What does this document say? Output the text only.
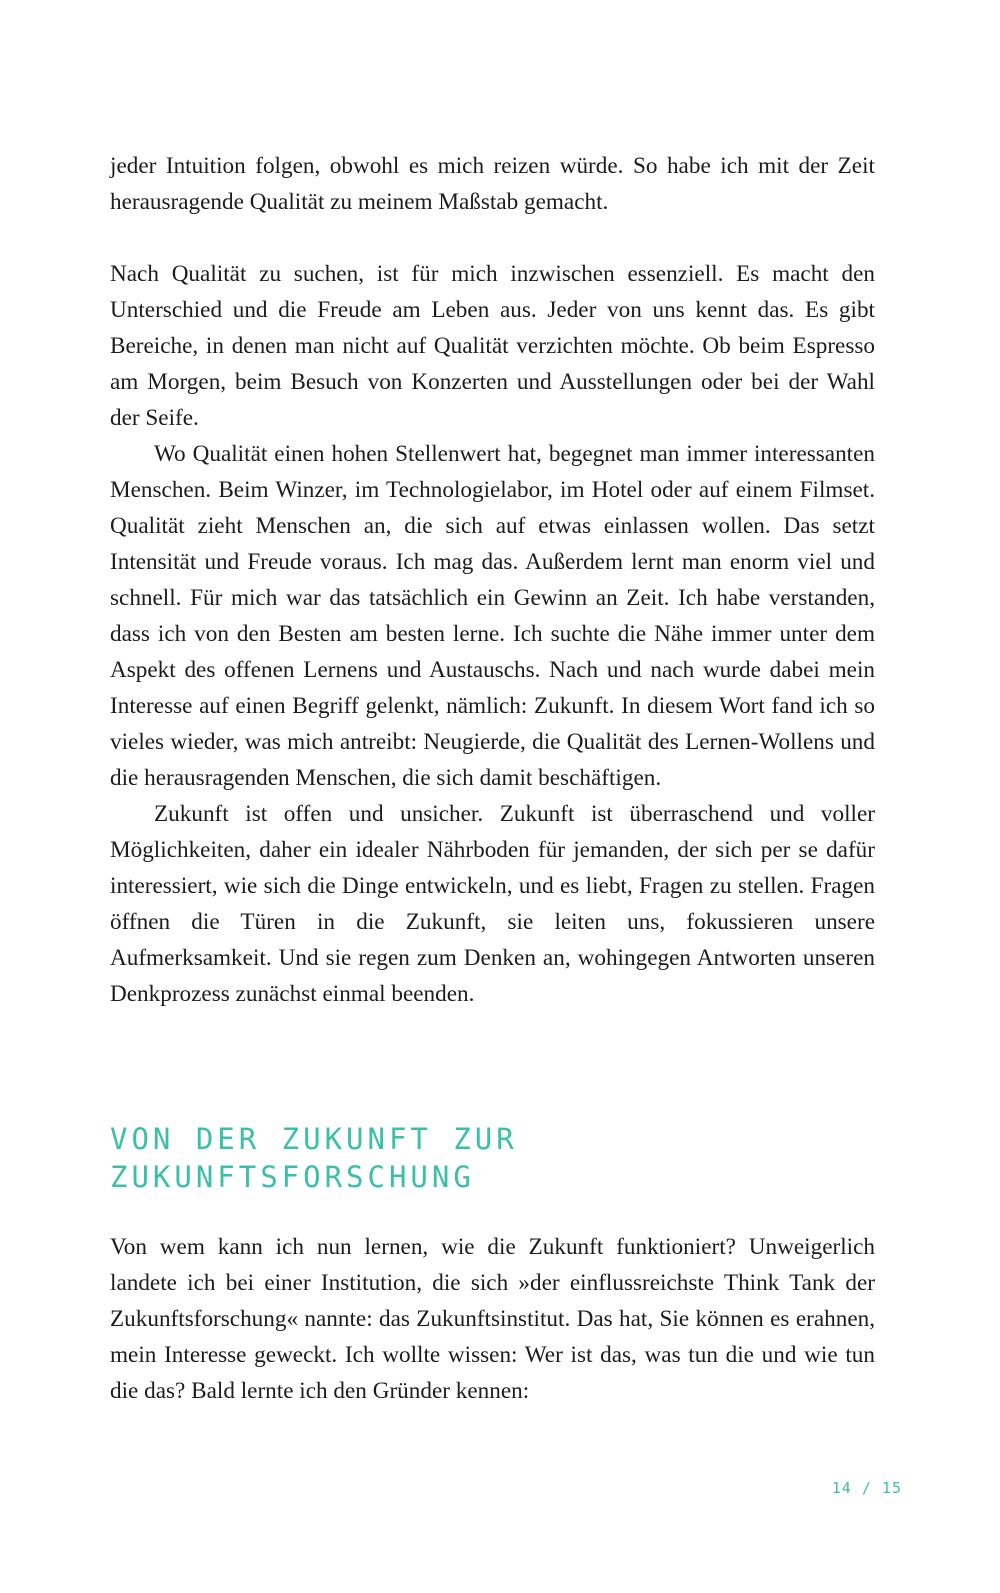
jeder Intuition folgen, obwohl es mich reizen würde. So habe ich mit der Zeit herausragende Qualität zu meinem Maßstab gemacht.

Nach Qualität zu suchen, ist für mich inzwischen essenziell. Es macht den Unterschied und die Freude am Leben aus. Jeder von uns kennt das. Es gibt Bereiche, in denen man nicht auf Qualität verzichten möchte. Ob beim Espresso am Morgen, beim Besuch von Konzerten und Ausstellungen oder bei der Wahl der Seife.

Wo Qualität einen hohen Stellenwert hat, begegnet man immer interessanten Menschen. Beim Winzer, im Technologielabor, im Hotel oder auf einem Filmset. Qualität zieht Menschen an, die sich auf etwas einlassen wollen. Das setzt Intensität und Freude voraus. Ich mag das. Außerdem lernt man enorm viel und schnell. Für mich war das tatsächlich ein Gewinn an Zeit. Ich habe verstanden, dass ich von den Besten am besten lerne. Ich suchte die Nähe immer unter dem Aspekt des offenen Lernens und Austauschs. Nach und nach wurde dabei mein Interesse auf einen Begriff gelenkt, nämlich: Zukunft. In diesem Wort fand ich so vieles wieder, was mich antreibt: Neugierde, die Qualität des Lernen-Wollens und die herausragenden Menschen, die sich damit beschäftigen.

Zukunft ist offen und unsicher. Zukunft ist überraschend und voller Möglichkeiten, daher ein idealer Nährboden für jemanden, der sich per se dafür interessiert, wie sich die Dinge entwickeln, und es liebt, Fragen zu stellen. Fragen öffnen die Türen in die Zukunft, sie leiten uns, fokussieren unsere Aufmerksamkeit. Und sie regen zum Denken an, wohingegen Antworten unseren Denkprozess zunächst einmal beenden.

VON DER ZUKUNFT ZUR
ZUKUNFTSFORSCHUNG

Von wem kann ich nun lernen, wie die Zukunft funktioniert? Unweigerlich landete ich bei einer Institution, die sich »der einflussreichste Think Tank der Zukunftsforschung« nannte: das Zukunftsinstitut. Das hat, Sie können es erahnen, mein Interesse geweckt. Ich wollte wissen: Wer ist das, was tun die und wie tun die das? Bald lernte ich den Gründer kennen:

14 / 15
